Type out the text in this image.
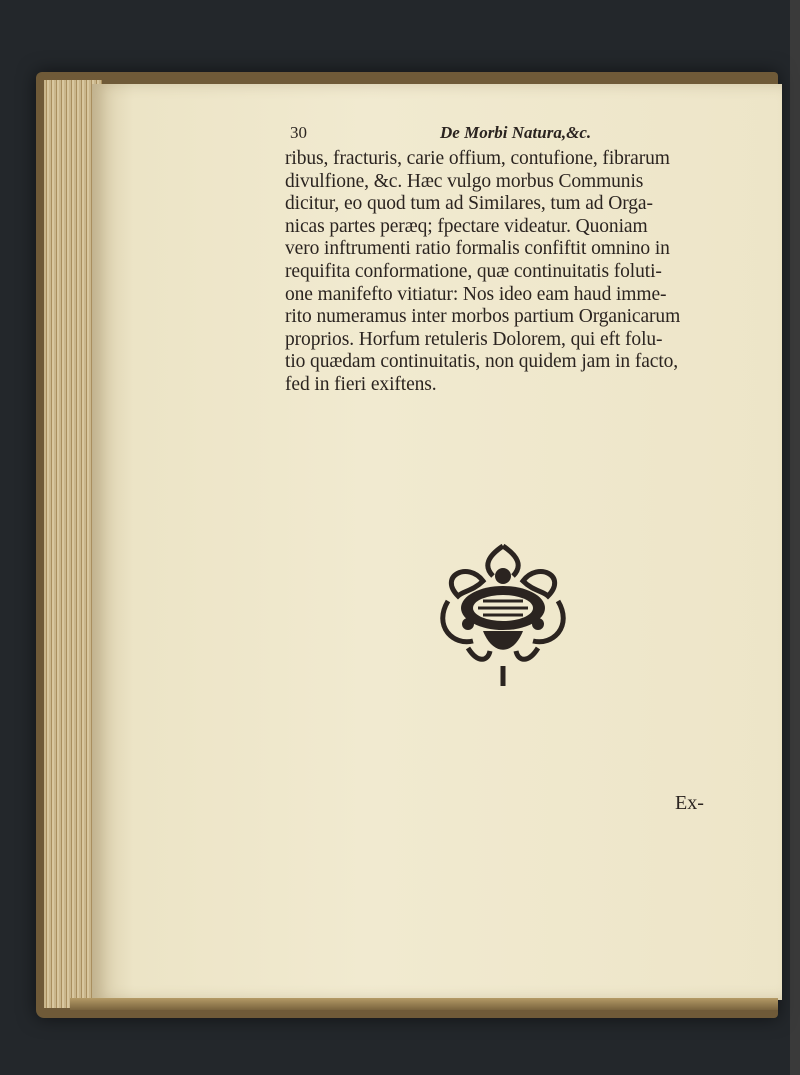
30	De Morbi Natura,&c.
ribus, fracturis, carie offium, contufione, fibrarum
divulfione, &c. Hæc vulgo morbus Communis
dicitur, eo quod tum ad Similares, tum ad Orga-
nicas partes peræq; fpectare videatur. Quoniam
vero inftrumenti ratio formalis confiftit omnino in
requifita conformatione, quæ continuitatis foluti-
one manifefto vitiatur: Nos ideo eam haud imme-
rito numeramus inter morbos partium Organicarum
proprios. Horfum retuleris Dolorem, qui eft folu-
tio quædam continuitatis, non quidem jam in facto,
fed in fieri exiftens.
Ex-
